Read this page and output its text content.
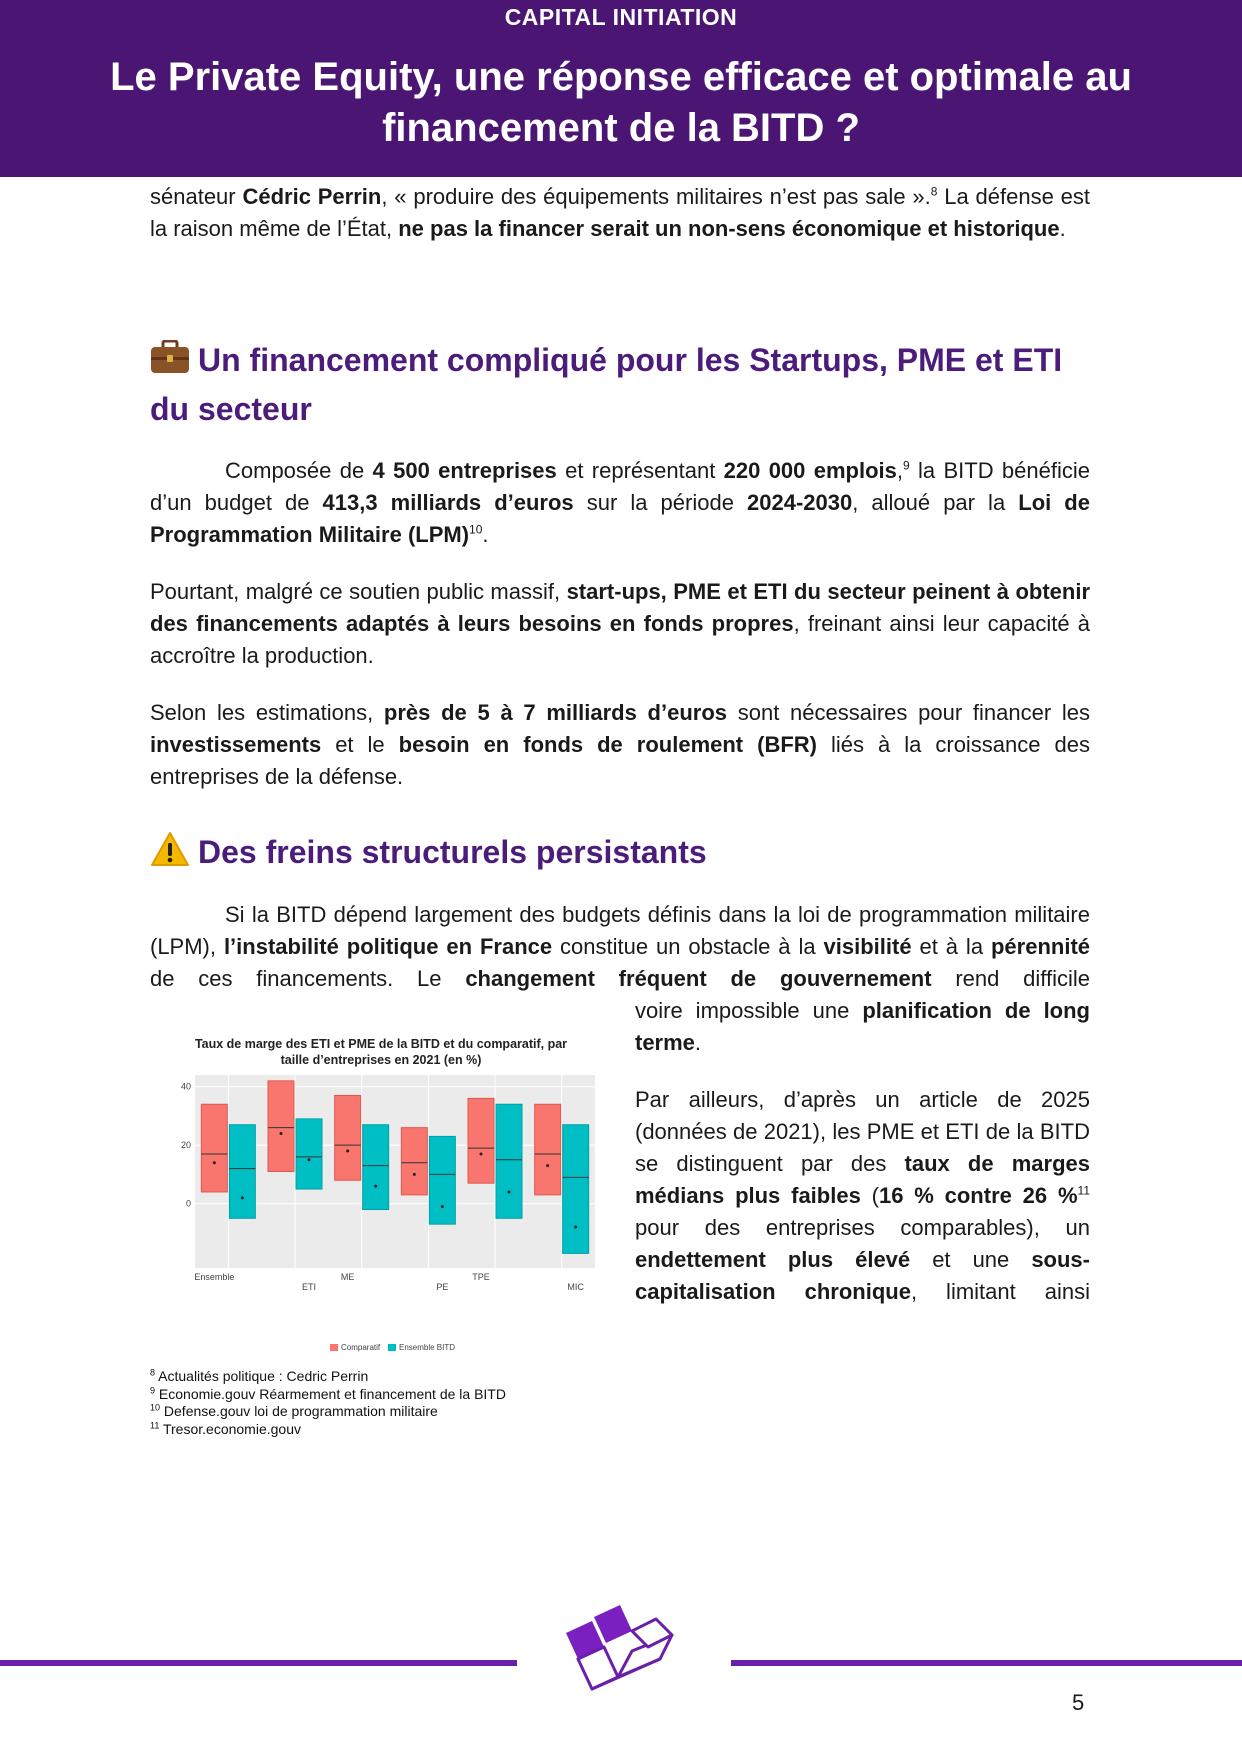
CAPITAL INITIATION
Le Private Equity, une réponse efficace et optimale au financement de la BITD ?

sénateur Cédric Perrin, « produire des équipements militaires n’est pas sale ».$^8$ La défense est la raison même de l’État, ne pas la financer serait un non-sens économique et historique.

Un financement compliqué pour les Startups, PME et ETI du secteur

Composée de 4 500 entreprises et représentant 220 000 emplois,$^9$ la BITD bénéficie d’un budget de 413,3 milliards d’euros sur la période 2024-2030, alloué par la Loi de Programmation Militaire (LPM)$^{10}$.

Pourtant, malgré ce soutien public massif, start-ups, PME et ETI du secteur peinent à obtenir des financements adaptés à leurs besoins en fonds propres, freinant ainsi leur capacité à accroître la production.

Selon les estimations, près de 5 à 7 milliards d’euros sont nécessaires pour financer les investissements et le besoin en fonds de roulement (BFR) liés à la croissance des entreprises de la défense.

Des freins structurels persistants

Si la BITD dépend largement des budgets définis dans la loi de programmation militaire (LPM), l’instabilité politique en France constitue un obstacle à la visibilité et à la pérennité de ces financements. Le changement fréquent de gouvernement rend difficile

voire impossible une planification de long terme.

Par ailleurs, d’après un article de 2025 (données de 2021), les PME et ETI de la BITD se distinguent par des taux de marges médians plus faibles (16 % contre 26 %$^{11}$ pour des entreprises comparables), un endettement plus élevé et une sous-capitalisation chronique, limitant ainsi

Taux de marge des ETI et PME de la BITD et du comparatif, par
taille d’entreprises en 2021 (en %)
0
20
40
Ensemble
ETI
ME
PE
TPE
MIC
Comparatif Ensemble BITD
$^8$ Actualités politique : Cedric Perrin
$^9$ Economie.gouv Réarmement et financement de la BITD
$^{10}$ Defense.gouv loi de programmation militaire
$^{11}$ Tresor.economie.gouv
5
